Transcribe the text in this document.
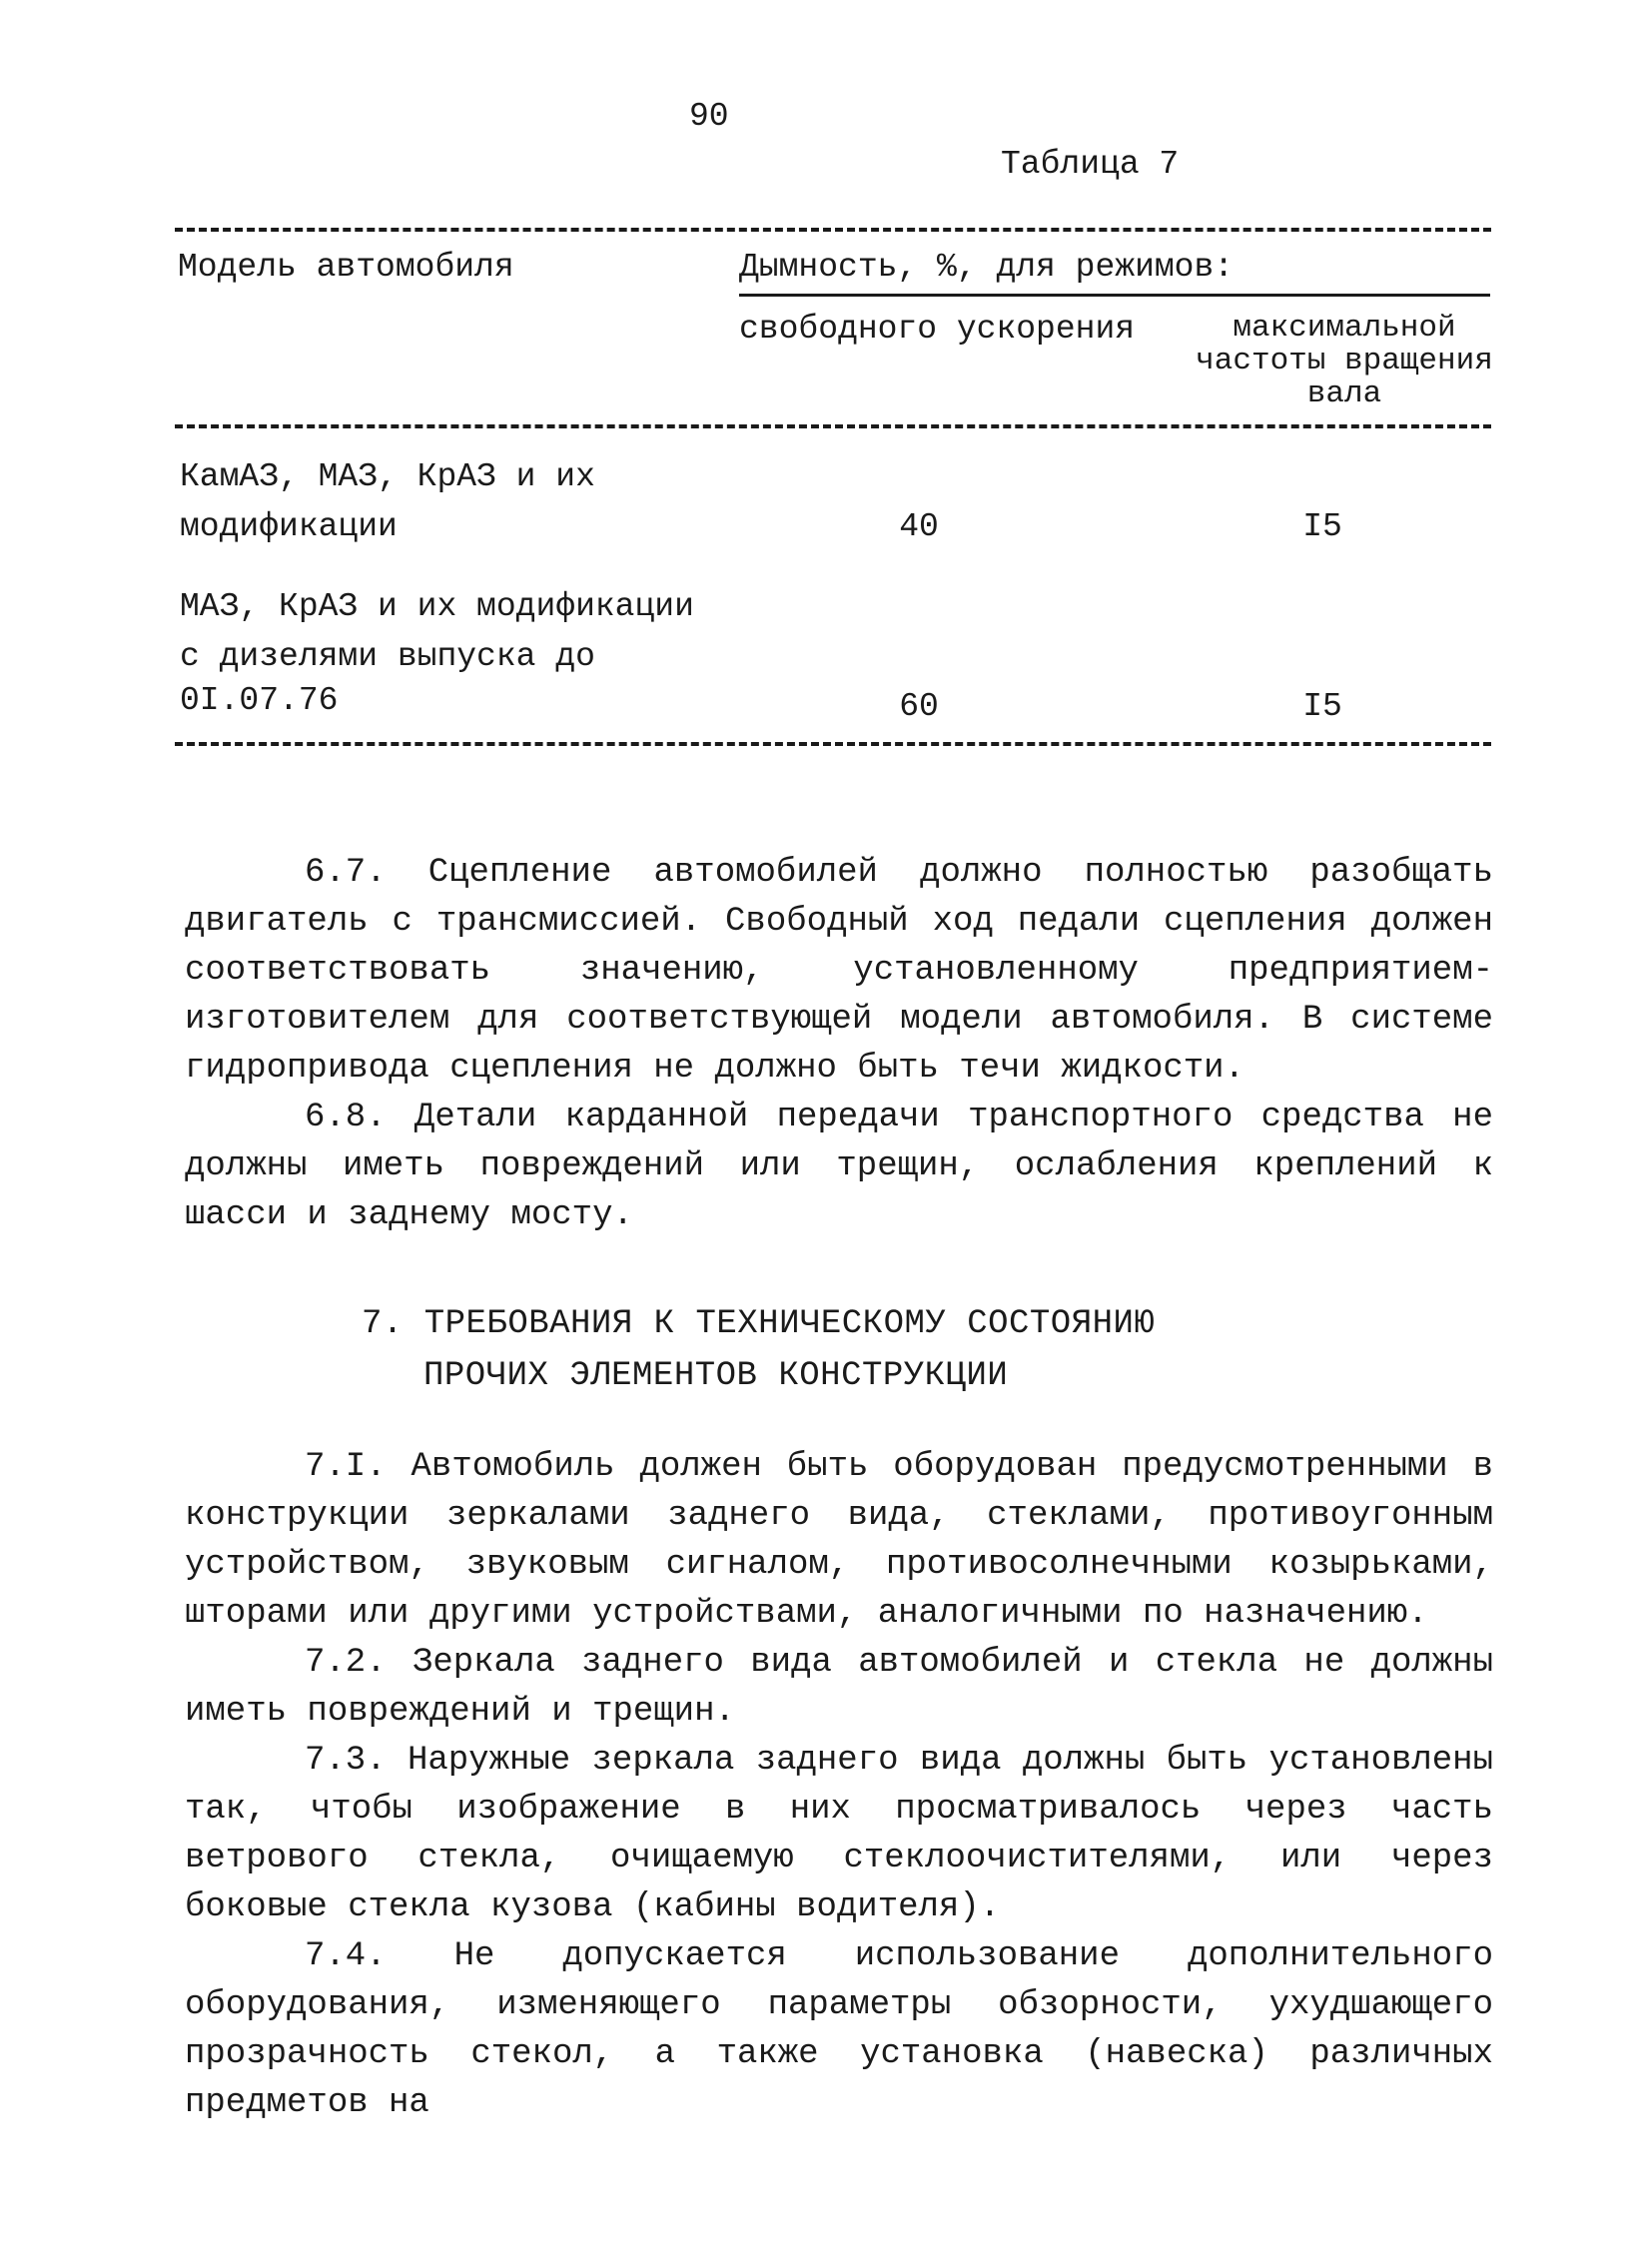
90
Таблица 7
Модель автомобиля	Дымность, %, для режимов:
свободного ускорения	максимальной
частоты вращения
вала
КамАЗ, МАЗ, КрАЗ и их
модификации	40	I5
МАЗ, КрАЗ и их модификации
с дизелями выпуска до
0I.07.76	60	I5

6.7. Сцепление автомобилей должно полностью разобщать двигатель с трансмиссией. Свободный ход педали сцепления должен соответствовать значению, установленному предприятием-изготовителем для соответствующей модели автомобиля. В системе гидропривода сцепления не должно быть течи жидкости.

6.8. Детали карданной передачи транспортного средства не должны иметь повреждений или трещин, ослабления креплений к шасси и заднему мосту.

7. ТРЕБОВАНИЯ К ТЕХНИЧЕСКОМУ СОСТОЯНИЮ
ПРОЧИХ ЭЛЕМЕНТОВ КОНСТРУКЦИИ

7.I. Автомобиль должен быть оборудован предусмотренными в конструкции зеркалами заднего вида, стеклами, противоугонным устройством, звуковым сигналом, противосолнечными козырьками, шторами или другими устройствами, аналогичными по назначению.

7.2. Зеркала заднего вида автомобилей и стекла не должны иметь повреждений и трещин.

7.3. Наружные зеркала заднего вида должны быть установлены так, чтобы изображение в них просматривалось через часть ветрового стекла, очищаемую стеклоочистителями, или через боковые стекла кузова (кабины водителя).

7.4. Не допускается использование дополнительного оборудования, изменяющего параметры обзорности, ухудшающего прозрачность стекол, а также установка (навеска) различных предметов на
